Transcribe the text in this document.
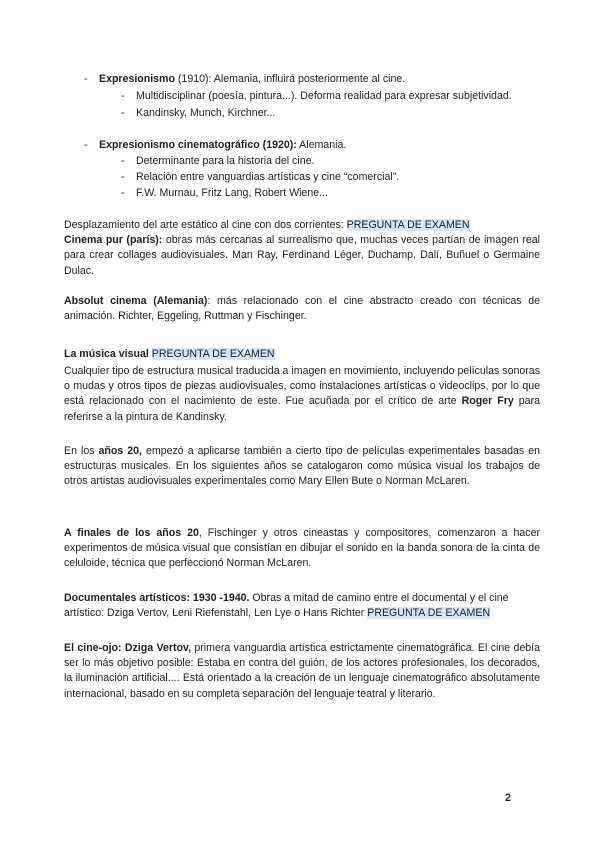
- Expresionismo (1910): Alemania, influirá posteriormente al cine.
- Multidisciplinar (poesía, pintura...). Deforma realidad para expresar subjetividad.
- Kandinsky, Munch, Kirchner...
- Expresionismo cinematográfico (1920): Alemania.
- Determinante para la historia del cine.
- Relación entre vanguardias artísticas y cine “comercial”.
- F.W. Murnau, Fritz Lang, Robert Wiene...

Desplazamiento del arte estático al cine con dos corrientes: PREGUNTA DE EXAMEN
Cinema pur (parís): obras más cercanas al surrealismo que, muchas veces partían de imagen real para crear collages audiovisuales. Man Ray, Ferdinand Léger, Duchamp, Dalí, Buñuel o Germaine Dulac.

Absolut cinema (Alemania): más relacionado con el cine abstracto creado con técnicas de animación. Richter, Eggeling, Ruttman y Fischinger.

La música visual PREGUNTA DE EXAMEN

Cualquier tipo de estructura musical traducida a imagen en movimiento, incluyendo películas sonoras o mudas y otros tipos de piezas audiovisuales, como instalaciones artísticas o videoclips, por lo que está relacionado con el nacimiento de este. Fue acuñada por el crítico de arte Roger Fry para referirse a la pintura de Kandinsky.

En los años 20, empezó a aplicarse también a cierto tipo de películas experimentales basadas en estructuras musicales. En los siguientes años se catalogaron como música visual los trabajos de otros artistas audiovisuales experimentales como Mary Ellen Bute o Norman McLaren.

A finales de los años 20, Fischinger y otros cineastas y compositores, comenzaron a hacer experimentos de música visual que consistían en dibujar el sonido en la banda sonora de la cinta de celuloide, técnica que perfeccionó Norman McLaren.

Documentales artísticos: 1930 -1940. Obras a mitad de camino entre el documental y el cine artístico: Dziga Vertov, Leni Riefenstahl, Len Lye o Hans Richter PREGUNTA DE EXAMEN

El cine-ojo: Dziga Vertov, primera vanguardia artística estrictamente cinematográfica. El cine debía ser lo más objetivo posible: Estaba en contra del guión, de los actores profesionales, los decorados, la iluminación artificial.... Está orientado a la creación de un lenguaje cinematográfico absolutamente internacional, basado en su completa separación del lenguaje teatral y literario.

2
